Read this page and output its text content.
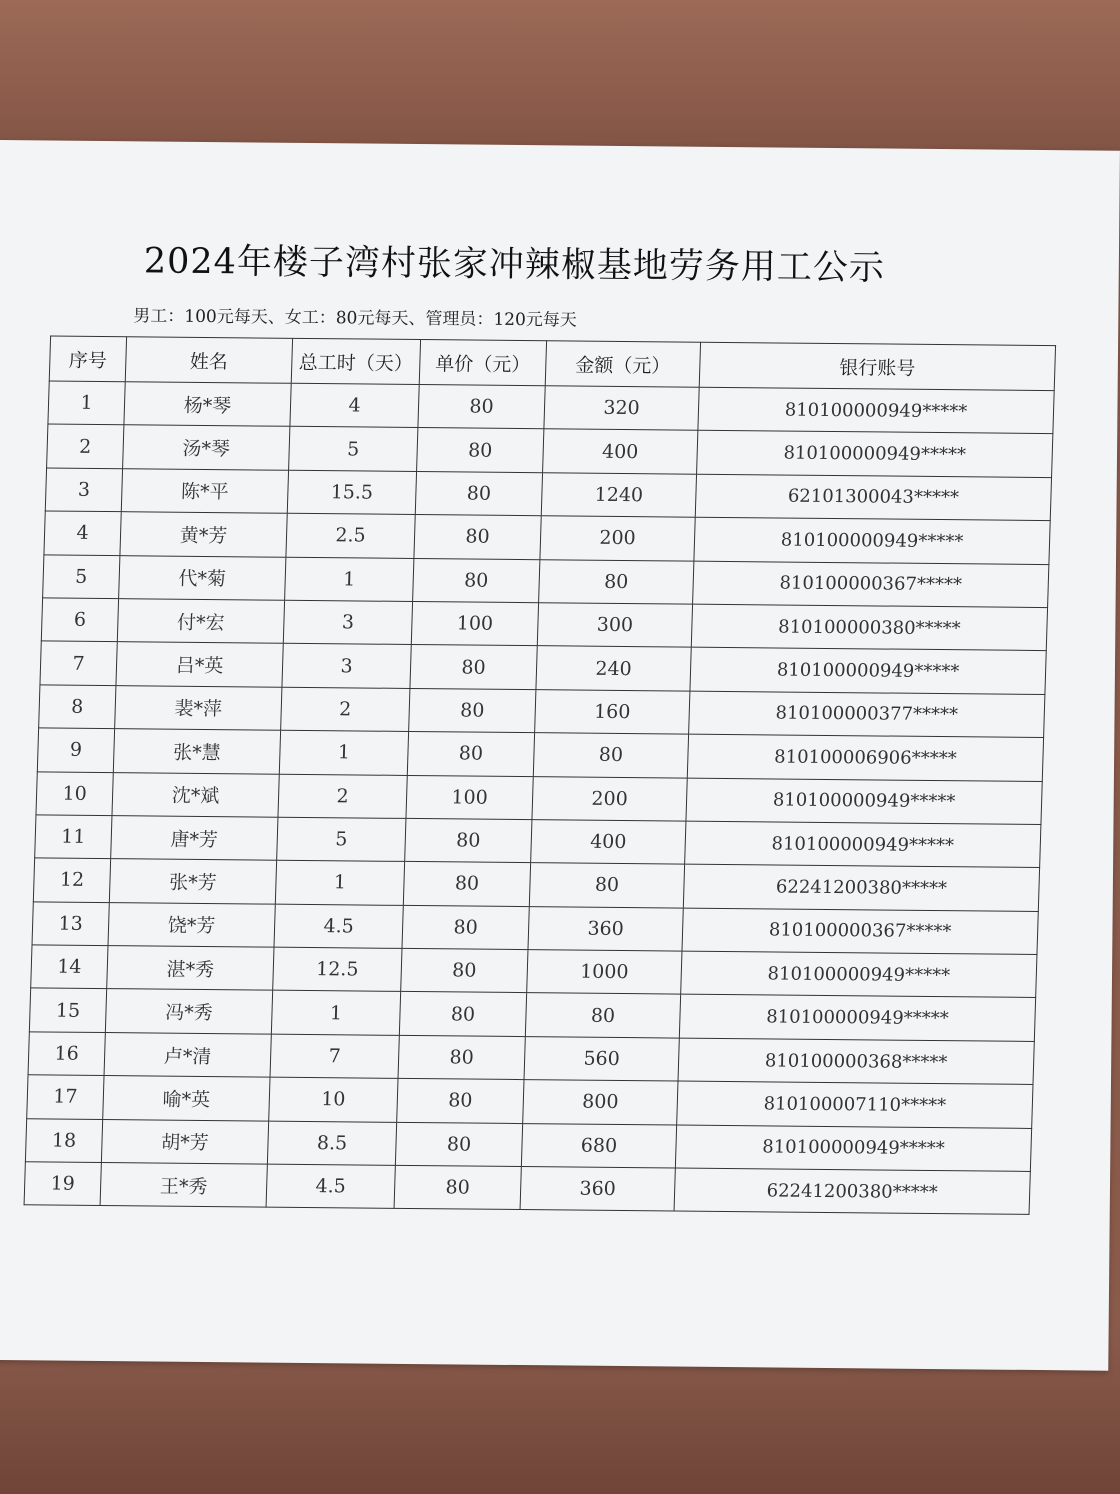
2024年楼子湾村张家冲辣椒基地劳务用工公示
男工：100元每天、女工：80元每天、管理员：120元每天
序号	姓名	总工时（天）	单价（元）	金额（元）	银行账号
1	杨*琴	4	80	320	810100000949*****
2	汤*琴	5	80	400	810100000949*****
3	陈*平	15.5	80	1240	62101300043*****
4	黄*芳	2.5	80	200	810100000949*****
5	代*菊	1	80	80	810100000367*****
6	付*宏	3	100	300	810100000380*****
7	吕*英	3	80	240	810100000949*****
8	裴*萍	2	80	160	810100000377*****
9	张*慧	1	80	80	810100006906*****
10	沈*斌	2	100	200	810100000949*****
11	唐*芳	5	80	400	810100000949*****
12	张*芳	1	80	80	62241200380*****
13	饶*芳	4.5	80	360	810100000367*****
14	湛*秀	12.5	80	1000	810100000949*****
15	冯*秀	1	80	80	810100000949*****
16	卢*清	7	80	560	810100000368*****
17	喻*英	10	80	800	810100007110*****
18	胡*芳	8.5	80	680	810100000949*****
19	王*秀	4.5	80	360	62241200380*****
